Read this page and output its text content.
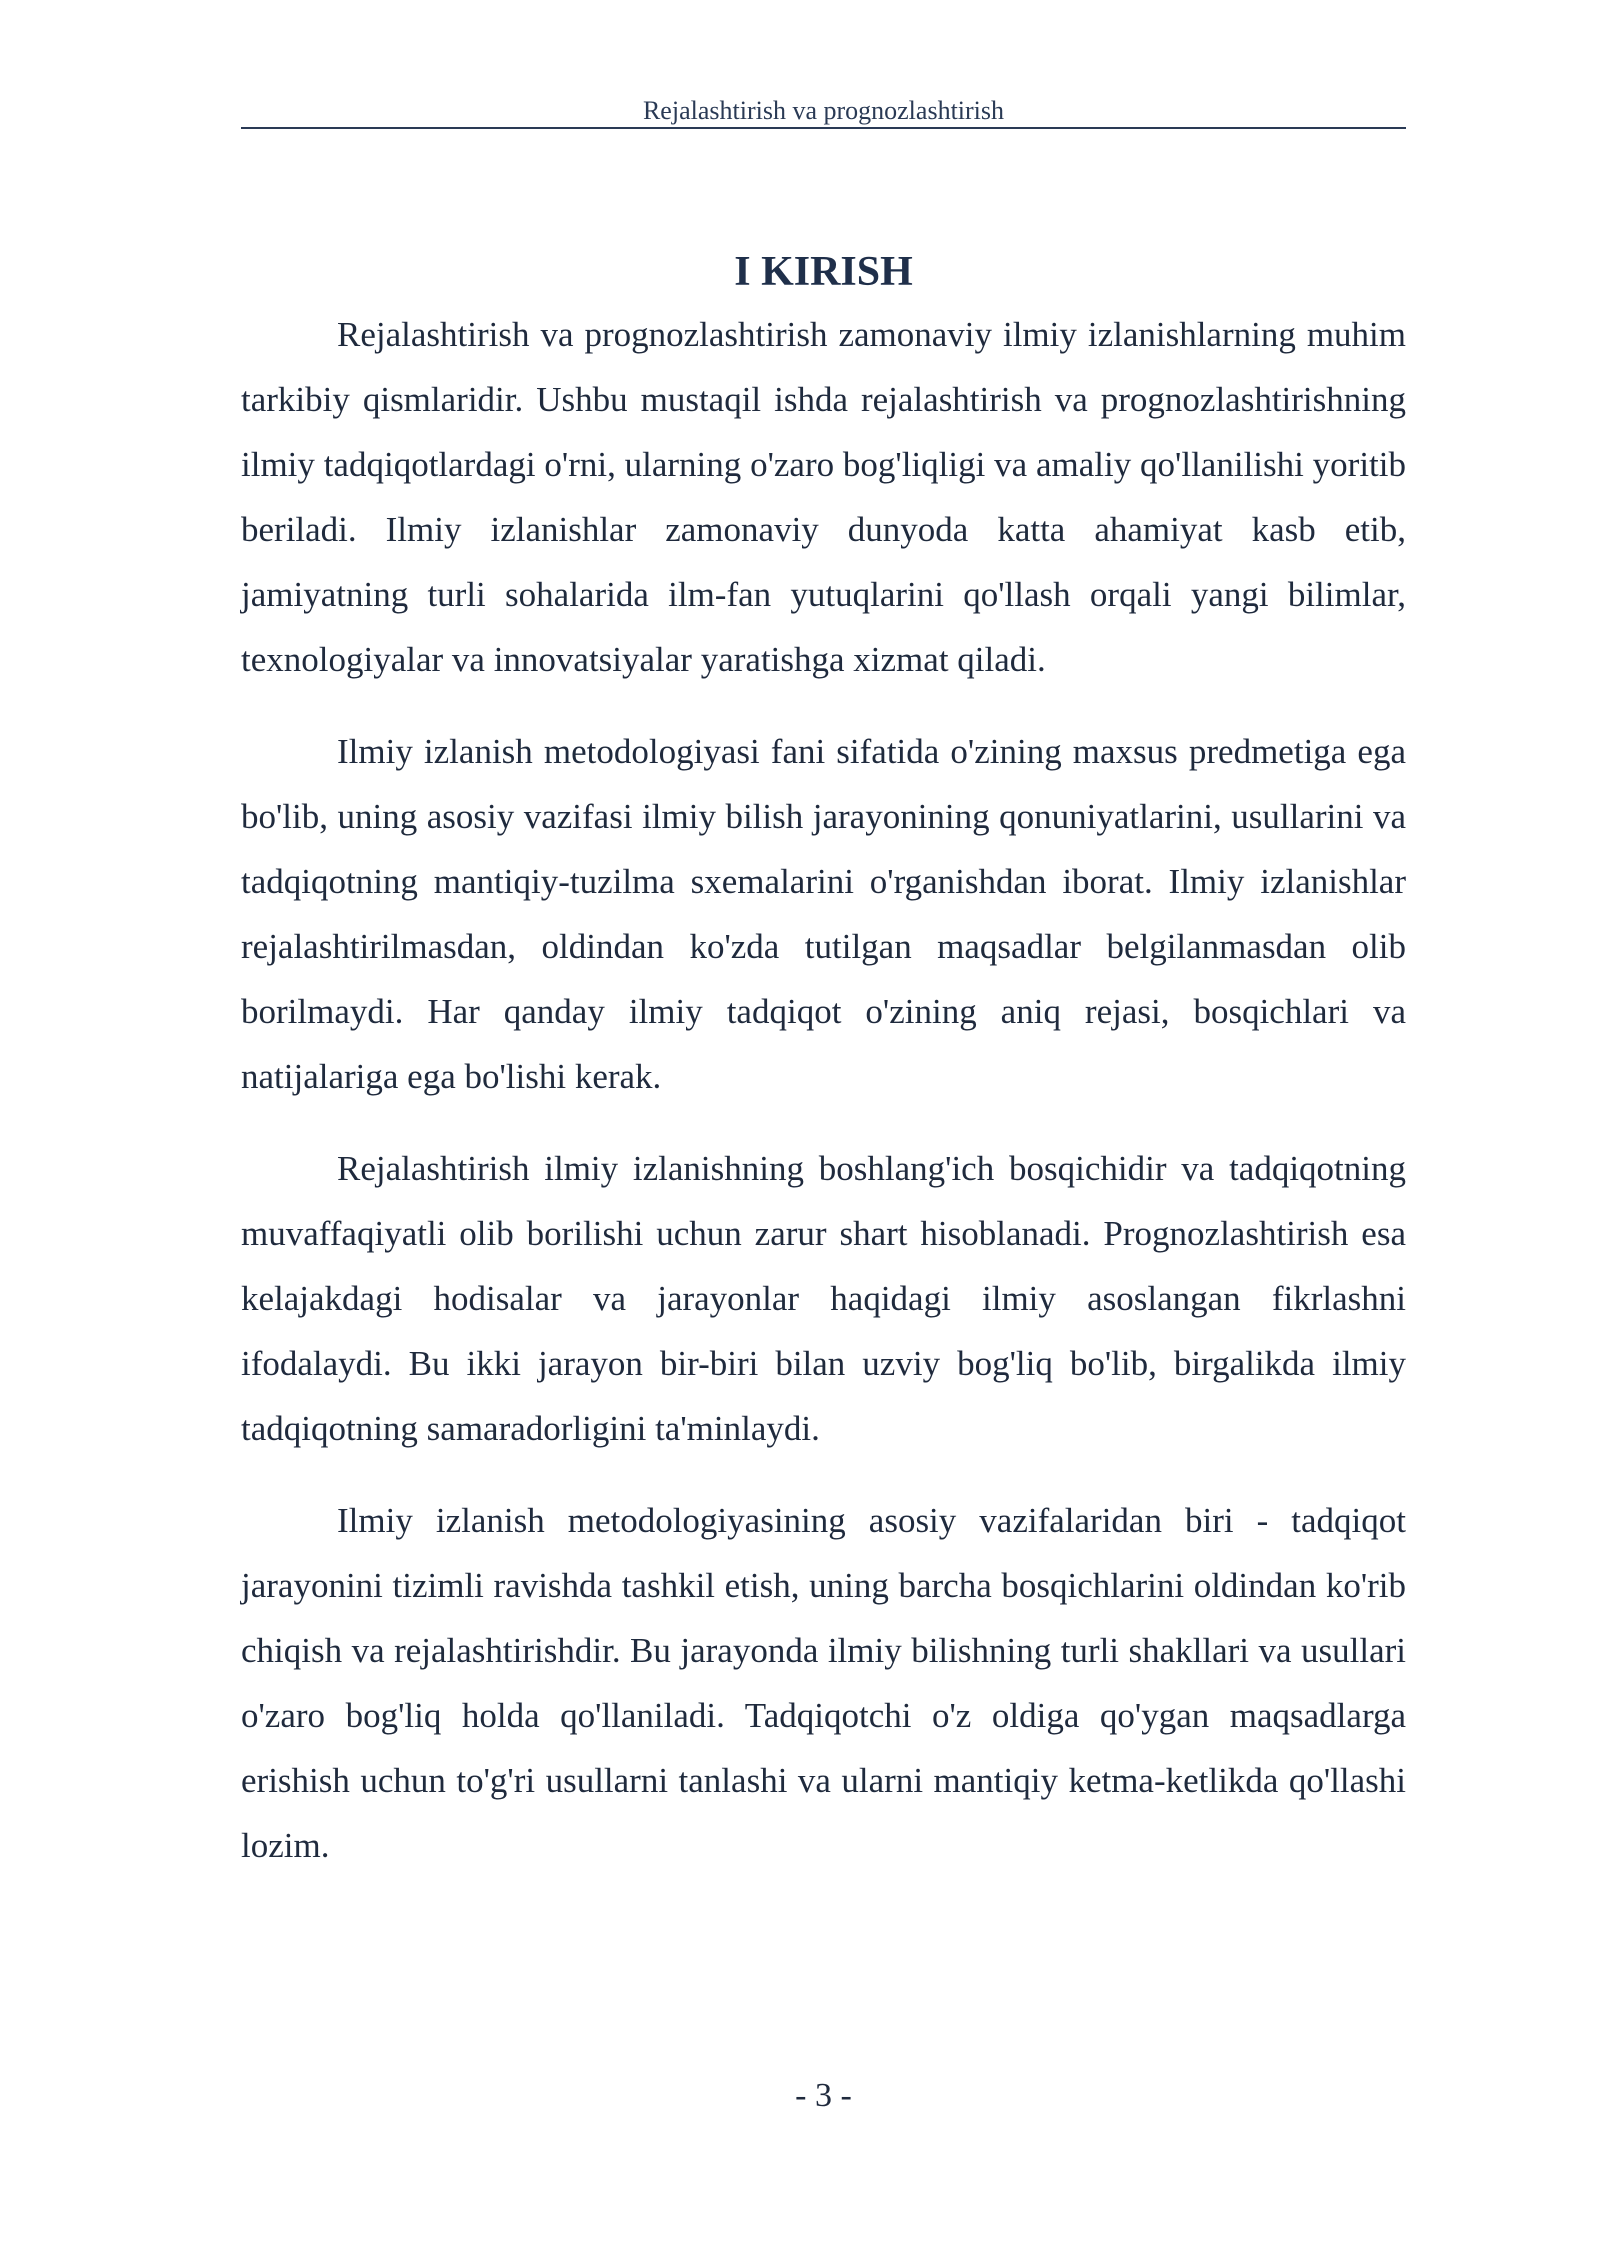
Rejalashtirish va prognozlashtirish
I KIRISH

Rejalashtirish va prognozlashtirish zamonaviy ilmiy izlanishlarning muhim tarkibiy qismlaridir. Ushbu mustaqil ishda rejalashtirish va prognozlashtirishning ilmiy tadqiqotlardagi o'rni, ularning o'zaro bog'liqligi va amaliy qo'llanilishi yoritib beriladi. Ilmiy izlanishlar zamonaviy dunyoda katta ahamiyat kasb etib, jamiyatning turli sohalarida ilm-fan yutuqlarini qo'llash orqali yangi bilimlar, texnologiyalar va innovatsiyalar yaratishga xizmat qiladi.

Ilmiy izlanish metodologiyasi fani sifatida o'zining maxsus predmetiga ega bo'lib, uning asosiy vazifasi ilmiy bilish jarayonining qonuniyatlarini, usullarini va tadqiqotning mantiqiy-tuzilma sxemalarini o'rganishdan iborat. Ilmiy izlanishlar rejalashtirilmasdan, oldindan ko'zda tutilgan maqsadlar belgilanmasdan olib borilmaydi. Har qanday ilmiy tadqiqot o'zining aniq rejasi, bosqichlari va natijalariga ega bo'lishi kerak.

Rejalashtirish ilmiy izlanishning boshlang'ich bosqichidir va tadqiqotning muvaffaqiyatli olib borilishi uchun zarur shart hisoblanadi. Prognozlashtirish esa kelajakdagi hodisalar va jarayonlar haqidagi ilmiy asoslangan fikrlashni ifodalaydi. Bu ikki jarayon bir-biri bilan uzviy bog'liq bo'lib, birgalikda ilmiy tadqiqotning samaradorligini ta'minlaydi.

Ilmiy izlanish metodologiyasining asosiy vazifalaridan biri - tadqiqot jarayonini tizimli ravishda tashkil etish, uning barcha bosqichlarini oldindan ko'rib chiqish va rejalashtirishdir. Bu jarayonda ilmiy bilishning turli shakllari va usullari o'zaro bog'liq holda qo'llaniladi. Tadqiqotchi o'z oldiga qo'ygan maqsadlarga erishish uchun to'g'ri usullarni tanlashi va ularni mantiqiy ketma-ketlikda qo'llashi lozim.

- 3 -
